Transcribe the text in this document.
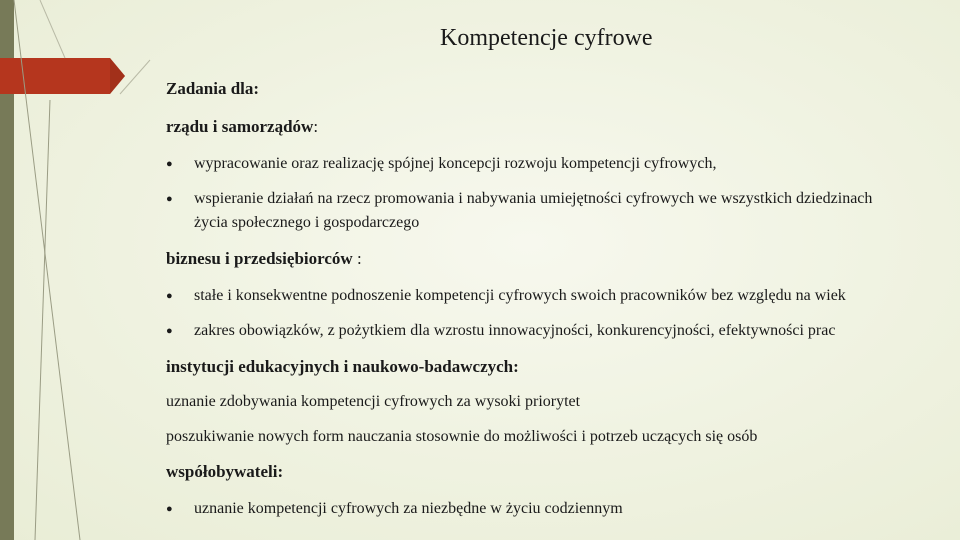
Kompetencje cyfrowe
Zadania dla:
rządu i samorządów:
●	wypracowanie oraz realizację spójnej koncepcji rozwoju kompetencji cyfrowych,
●	wspieranie działań na rzecz promowania i nabywania umiejętności cyfrowych we wszystkich dziedzinach życia społecznego i gospodarczego
biznesu i przedsiębiorców :
●	stałe i konsekwentne podnoszenie kompetencji cyfrowych swoich pracowników bez względu na wiek
●	zakres obowiązków, z pożytkiem dla wzrostu innowacyjności, konkurencyjności, efektywności prac
instytucji edukacyjnych i naukowo-badawczych:
uznanie zdobywania kompetencji cyfrowych za wysoki priorytet
poszukiwanie nowych form nauczania stosownie do możliwości i potrzeb uczących się osób
współobywateli:
●	uznanie kompetencji cyfrowych za niezbędne w życiu codziennym
